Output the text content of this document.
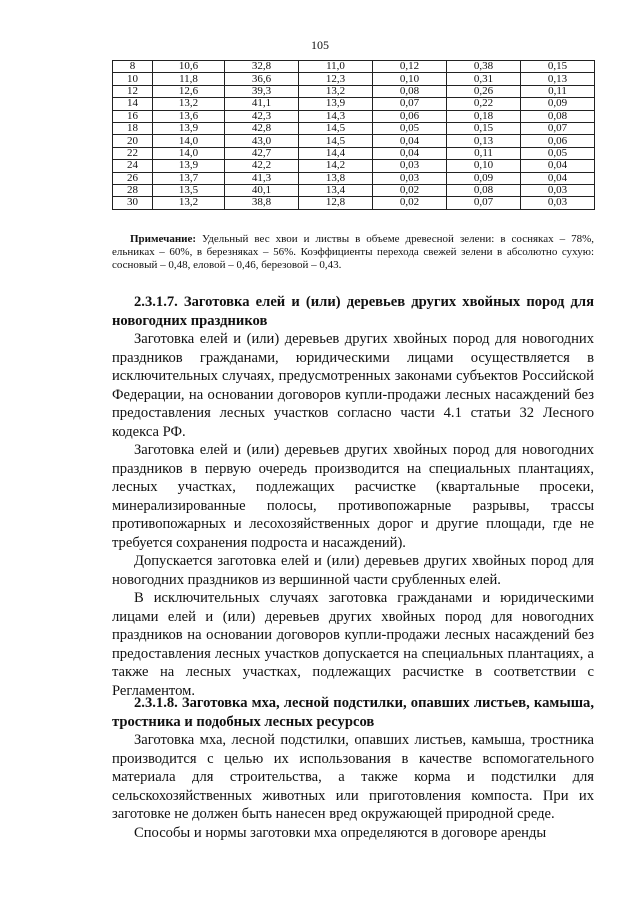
105
8	10,6	32,8	11,0	0,12	0,38	0,15
10	11,8	36,6	12,3	0,10	0,31	0,13
12	12,6	39,3	13,2	0,08	0,26	0,11
14	13,2	41,1	13,9	0,07	0,22	0,09
16	13,6	42,3	14,3	0,06	0,18	0,08
18	13,9	42,8	14,5	0,05	0,15	0,07
20	14,0	43,0	14,5	0,04	0,13	0,06
22	14,0	42,7	14,4	0,04	0,11	0,05
24	13,9	42,2	14,2	0,03	0,10	0,04
26	13,7	41,3	13,8	0,03	0,09	0,04
28	13,5	40,1	13,4	0,02	0,08	0,03
30	13,2	38,8	12,8	0,02	0,07	0,03
Примечание: Удельный вес хвои и листвы в объеме древесной зелени: в сосняках – 78%, ельниках – 60%, в березняках – 56%. Коэффициенты перехода свежей зелени в абсолютно сухую: сосновый – 0,48, еловой – 0,46, березовой – 0,43.
2.3.1.7. Заготовка елей и (или) деревьев других хвойных пород для новогодних праздников

Заготовка елей и (или) деревьев других хвойных пород для новогодних праздников гражданами, юридическими лицами осуществляется в исключительных случаях, предусмотренных законами субъектов Российской Федерации, на основании договоров купли-продажи лесных насаждений без предоставления лесных участков согласно части 4.1 статьи 32 Лесного кодекса РФ.

Заготовка елей и (или) деревьев других хвойных пород для новогодних праздников в первую очередь производится на специальных плантациях, лесных участках, подлежащих расчистке (квартальные просеки, минерализированные полосы, противопожарные разрывы, трассы противопожарных и лесохозяйственных дорог и другие площади, где не требуется сохранения подроста и насаждений).

Допускается заготовка елей и (или) деревьев других хвойных пород для новогодних праздников из вершинной части срубленных елей.

В исключительных случаях заготовка гражданами и юридическими лицами елей и (или) деревьев других хвойных пород для новогодних праздников на основании договоров купли-продажи лесных насаждений без предоставления лесных участков допускается на специальных плантациях, а также на лесных участках, подлежащих расчистке в соответствии с Регламентом.

2.3.1.8. Заготовка мха, лесной подстилки, опавших листьев, камыша, тростника и подобных лесных ресурсов

Заготовка мха, лесной подстилки, опавших листьев, камыша, тростника производится с целью их использования в качестве вспомогательного материала для строительства, а также корма и подстилки для сельскохозяйственных животных или приготовления компоста. При их заготовке не должен быть нанесен вред окружающей природной среде.

Способы и нормы заготовки мха определяются в договоре аренды
